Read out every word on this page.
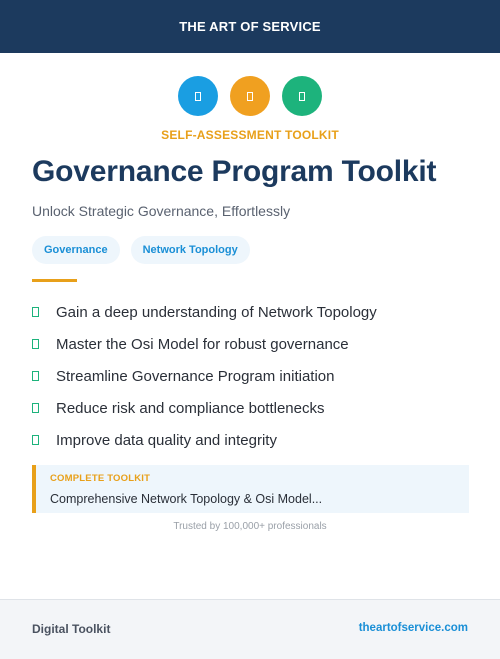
THE ART OF SERVICE
SELF-ASSESSMENT TOOLKIT
Governance Program Toolkit
Unlock Strategic Governance, Effortlessly
Governance	Network Topology
Gain a deep understanding of Network Topology
Master the Osi Model for robust governance
Streamline Governance Program initiation
Reduce risk and compliance bottlenecks
Improve data quality and integrity
COMPLETE TOOLKIT
Comprehensive Network Topology & Osi Model...
Trusted by 100,000+ professionals
Digital Toolkit	theartofservice.com
